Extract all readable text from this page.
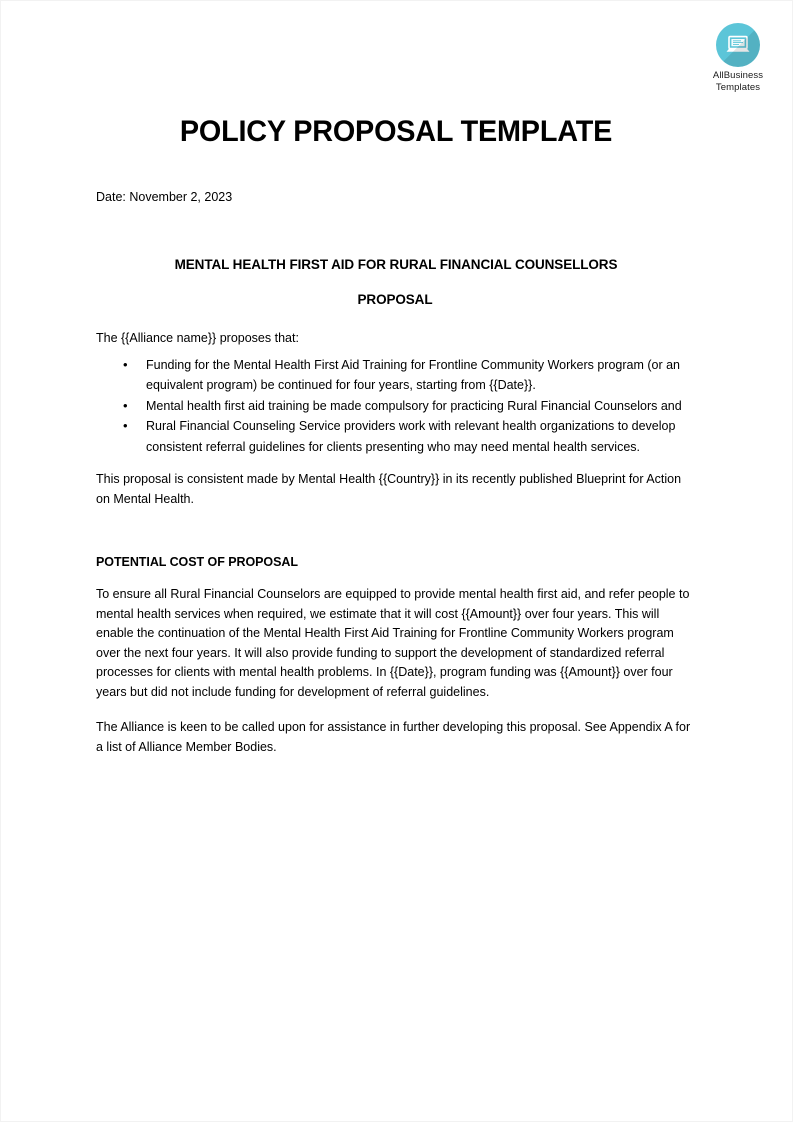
AllBusiness
Templates
POLICY PROPOSAL TEMPLATE
Date: November 2, 2023
MENTAL HEALTH FIRST AID FOR RURAL FINANCIAL COUNSELLORS
PROPOSAL

The {{Alliance name}} proposes that:

• Funding for the Mental Health First Aid Training for Frontline Community Workers program (or an equivalent program) be continued for four years, starting from {{Date}}.
• Mental health first aid training be made compulsory for practicing Rural Financial Counselors and
• Rural Financial Counseling Service providers work with relevant health organizations to develop consistent referral guidelines for clients presenting who may need mental health services.

This proposal is consistent made by Mental Health {{Country}} in its recently published Blueprint for Action on Mental Health.

POTENTIAL COST OF PROPOSAL

To ensure all Rural Financial Counselors are equipped to provide mental health first aid, and refer people to mental health services when required, we estimate that it will cost {{Amount}} over four years. This will enable the continuation of the Mental Health First Aid Training for Frontline Community Workers program over the next four years. It will also provide funding to support the development of standardized referral processes for clients with mental health problems. In {{Date}}, program funding was {{Amount}} over four years but did not include funding for development of referral guidelines.

The Alliance is keen to be called upon for assistance in further developing this proposal. See Appendix A for a list of Alliance Member Bodies.
